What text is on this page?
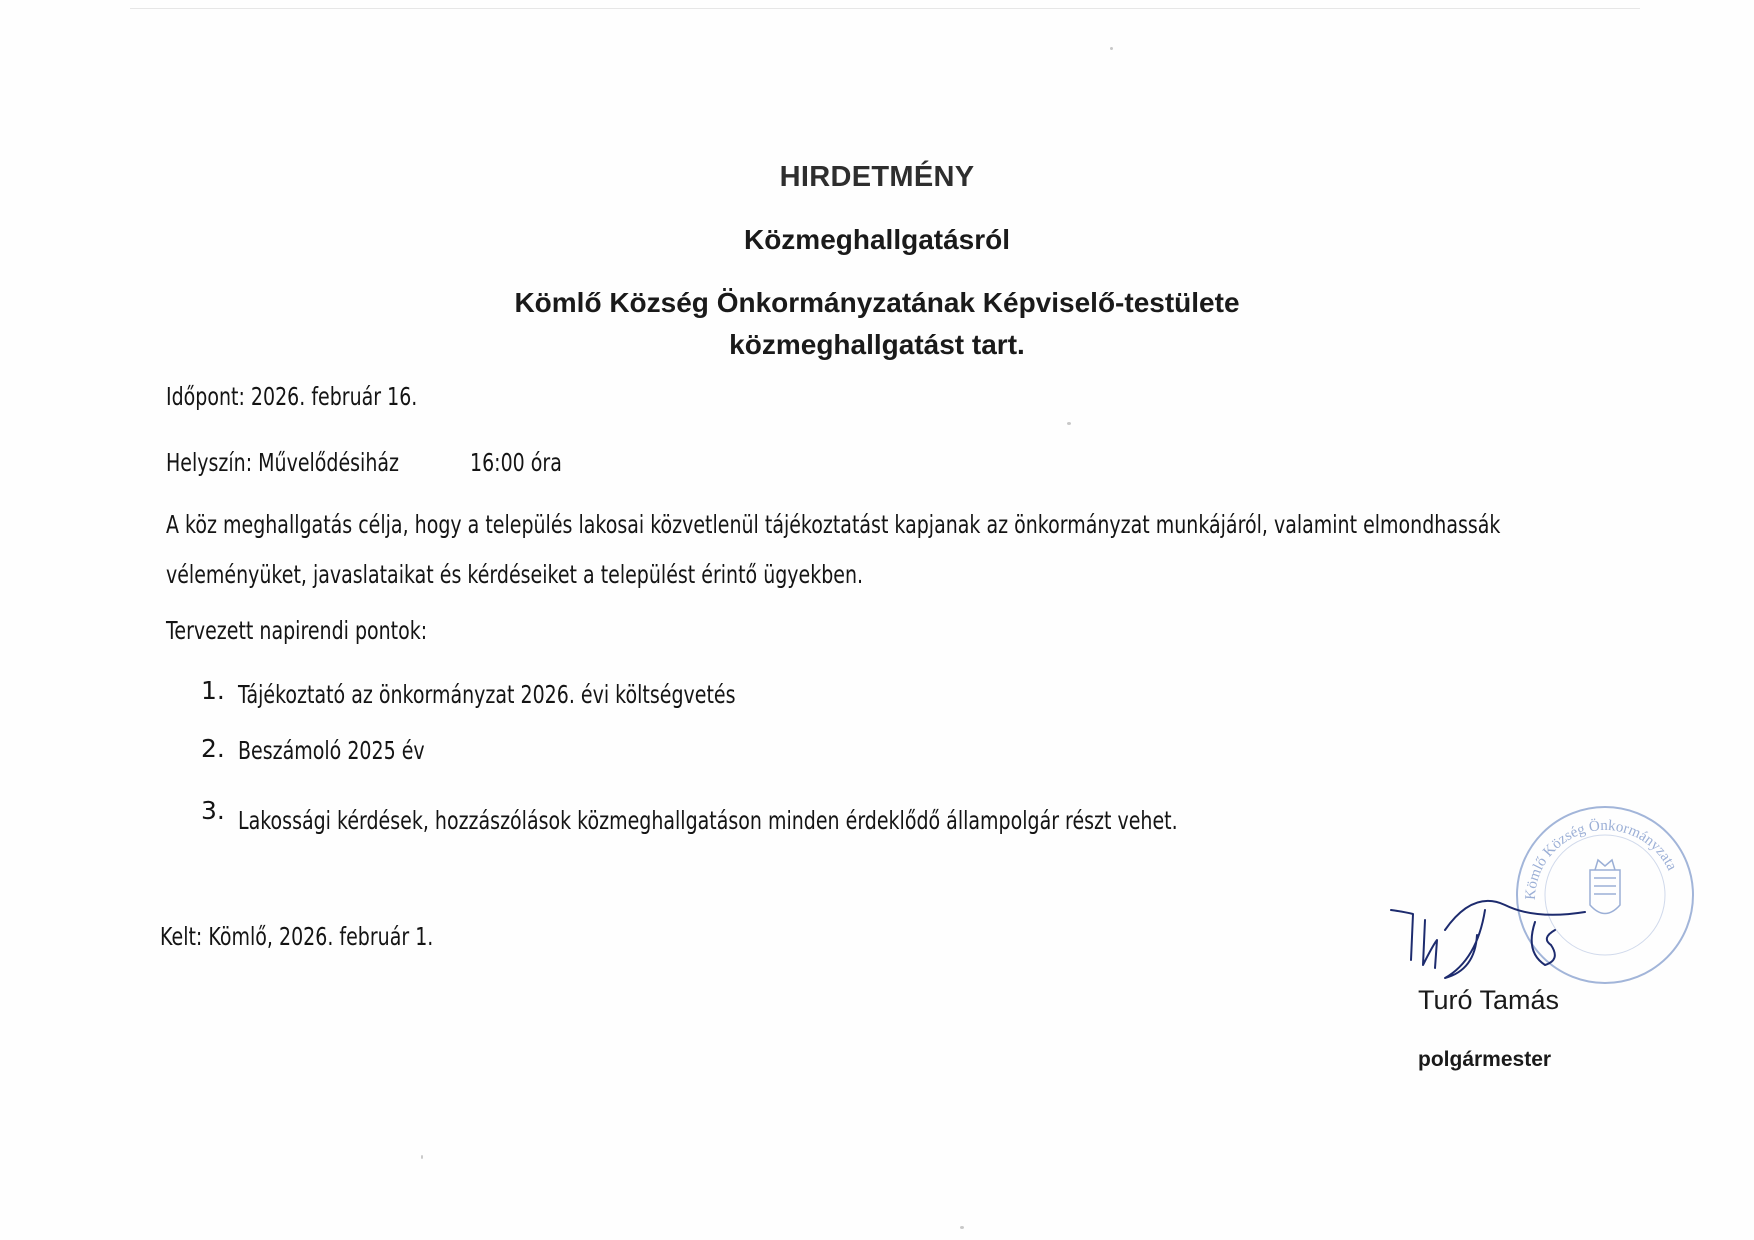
HIRDETMÉNY
Közmeghallgatásról
Kömlő Község Önkormányzatának Képviselő-testülete
közmeghallgatást tart.
Időpont: 2026. február 16.
Helyszín: Művelődésiház	16:00 óra
A köz meghallgatás célja, hogy a település lakosai közvetlenül tájékoztatást kapjanak az önkormányzat munkájáról, valamint elmondhassák
véleményüket, javaslataikat és kérdéseiket a települést érintő ügyekben.
Tervezett napirendi pontok:
1. Tájékoztató az önkormányzat 2026. évi költségvetés
2. Beszámoló 2025 év
3. Lakossági kérdések, hozzászólások közmeghallgatáson minden érdeklődő állampolgár részt vehet.
Kelt: Kömlő, 2026. február 1.
Kömlő Község Önkormányzata
Turó Tamás
polgármester
